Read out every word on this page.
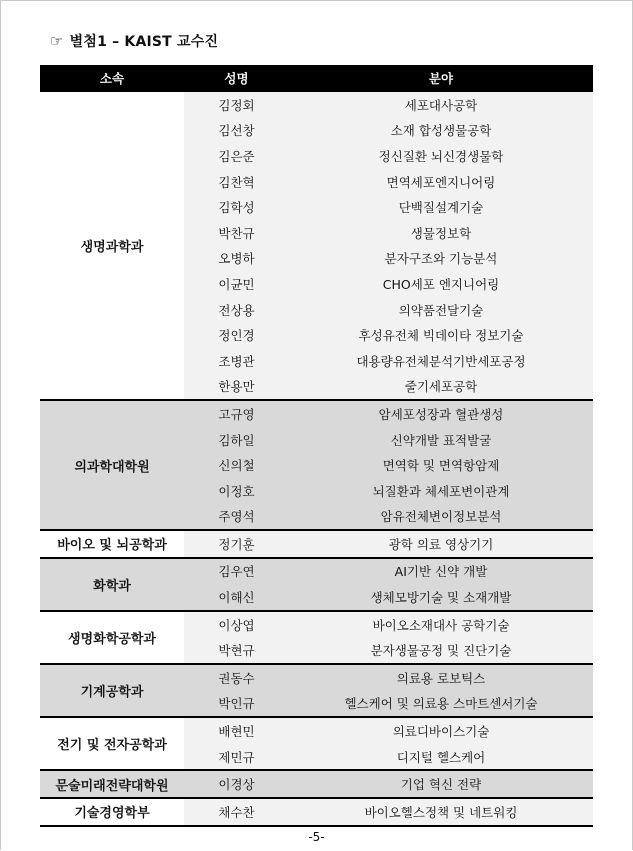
☞ 별첨1 – KAIST 교수진
소속	성명	분야
생명과학과	김정회	세포대사공학
	김선창	소재 합성생물공학
	김은준	정신질환 뇌신경생물학
	김찬혁	면역세포엔지니어링
	김학성	단백질설계기술
	박찬규	생물정보학
	오병하	분자구조와 기능분석
	이균민	CHO세포 엔지니어링
	전상용	의약품전달기술
	정인경	후성유전체 빅데이타 정보기술
	조병관	대용량유전체분석기반세포공정
	한용만	줄기세포공학
의과학대학원	고규영	암세포성장과 혈관생성
	김하일	신약개발 표적발굴
	신의철	면역학 및 면역항암제
	이정호	뇌질환과 체세포변이관계
	주영석	암유전체변이정보분석
바이오 및 뇌공학과	정기훈	광학 의료 영상기기
화학과	김우연	AI기반 신약 개발
	이해신	생체모방기술 및 소재개발
생명화학공학과	이상엽	바이오소재대사 공학기술
	박현규	분자생물공정 및 진단기술
기계공학과	권동수	의료용 로보틱스
	박인규	헬스케어 및 의료용 스마트센서기술
전기 및 전자공학과	배현민	의료디바이스기술
	제민규	디지털 헬스케어
문술미래전략대학원	이경상	기업 혁신 전략
기술경영학부	채수찬	바이오헬스정책 및 네트워킹
-5-
